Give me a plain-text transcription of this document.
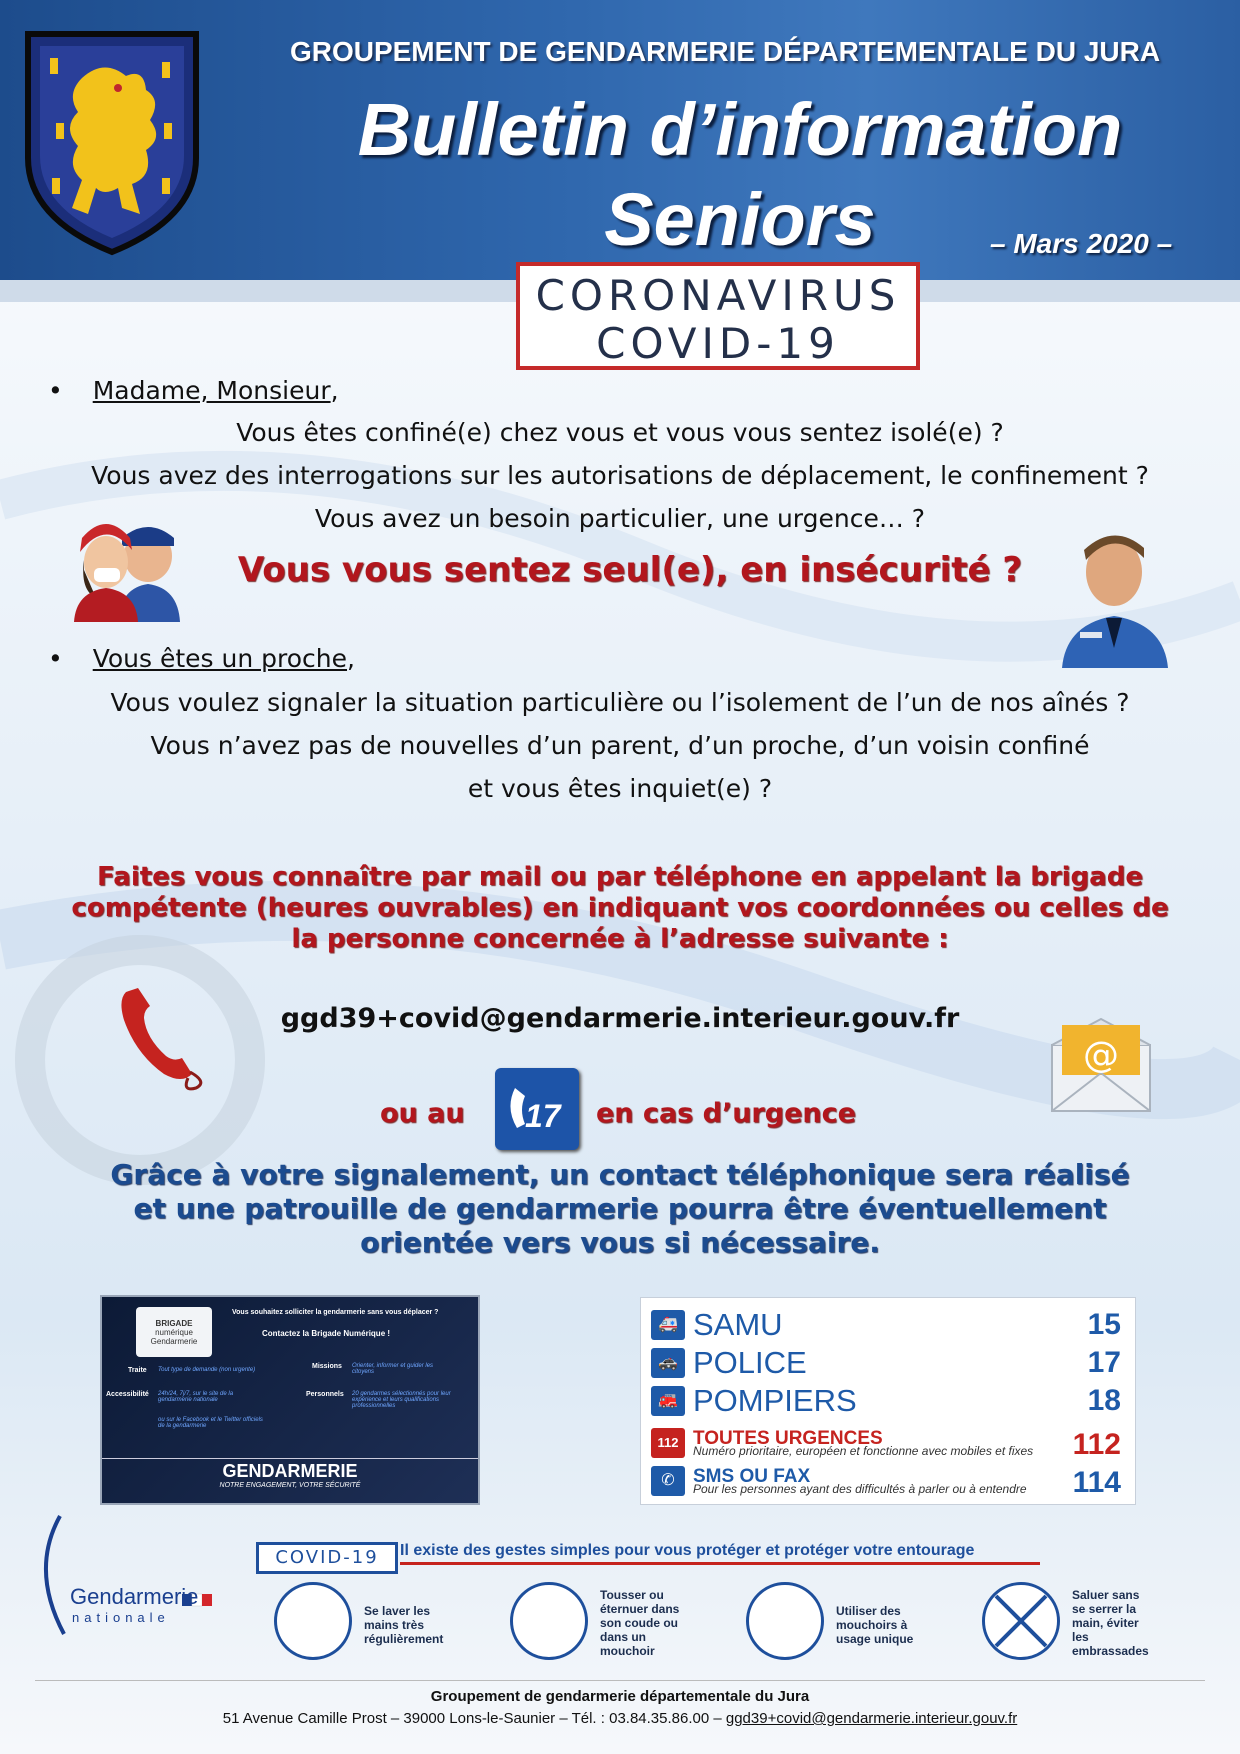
GROUPEMENT DE GENDARMERIE DÉPARTEMENTALE DU JURA
Bulletin d’information
Seniors	– Mars 2020 –
CORONAVIRUS
COVID-19
• Madame, Monsieur,
Vous êtes confiné(e) chez vous et vous vous sentez isolé(e) ?
Vous avez des interrogations sur les autorisations de déplacement, le confinement ?
Vous avez un besoin particulier, une urgence… ?
Vous vous sentez seul(e), en insécurité ?
• Vous êtes un proche,
Vous voulez signaler la situation particulière ou l’isolement de l’un de nos aînés ?
Vous n’avez pas de nouvelles d’un parent, d’un proche, d’un voisin confiné
et vous êtes inquiet(e) ?
Faites vous connaître par mail ou par téléphone en appelant la brigade
compétente (heures ouvrables) en indiquant vos coordonnées ou celles de
la personne concernée à l’adresse suivante :
ggd39+covid@gendarmerie.interieur.gouv.fr
@
ou au 17 en cas d’urgence
Grâce à votre signalement, un contact téléphonique sera réalisé
et une patrouille de gendarmerie pourra être éventuellement
orientée vers vous si nécessaire.
BRIGADE
numérique
Gendarmerie
Vous souhaitez solliciter la gendarmerie sans vous déplacer ?
Contactez la Brigade Numérique !
Traite Tout type de demande (non urgente)
Accessibilité 24h/24, 7j/7, sur le site de la gendarmerie nationale
ou sur le Facebook et le Twitter officiels de la gendarmerie
Missions Orienter, informer et guider les citoyens
Personnels 20 gendarmes sélectionnés pour leur expérience et leurs qualifications professionnelles
GENDARMERIE
NOTRE ENGAGEMENT, VOTRE SÉCURITÉ
🚑 SAMU	15
🚓 POLICE	17
🚒 POMPIERS	18
112 TOUTES URGENCES
Numéro prioritaire, européen et fonctionne avec mobiles et fixes 112
✆ SMS OU FAX
Pour les personnes ayant des difficultés à parler ou à entendre 114
Gendarmerie
nationale
COVID-19	Il existe des gestes simples pour vous protéger et protéger votre entourage
Se laver les mains très régulièrement
Tousser ou éternuer dans son coude ou dans un mouchoir
Utiliser des mouchoirs à usage unique
Saluer sans se serrer la main, éviter les embrassades
Groupement de gendarmerie départementale du Jura
51 Avenue Camille Prost – 39000 Lons-le-Saunier – Tél. : 03.84.35.86.00 – ggd39+covid@gendarmerie.interieur.gouv.fr
